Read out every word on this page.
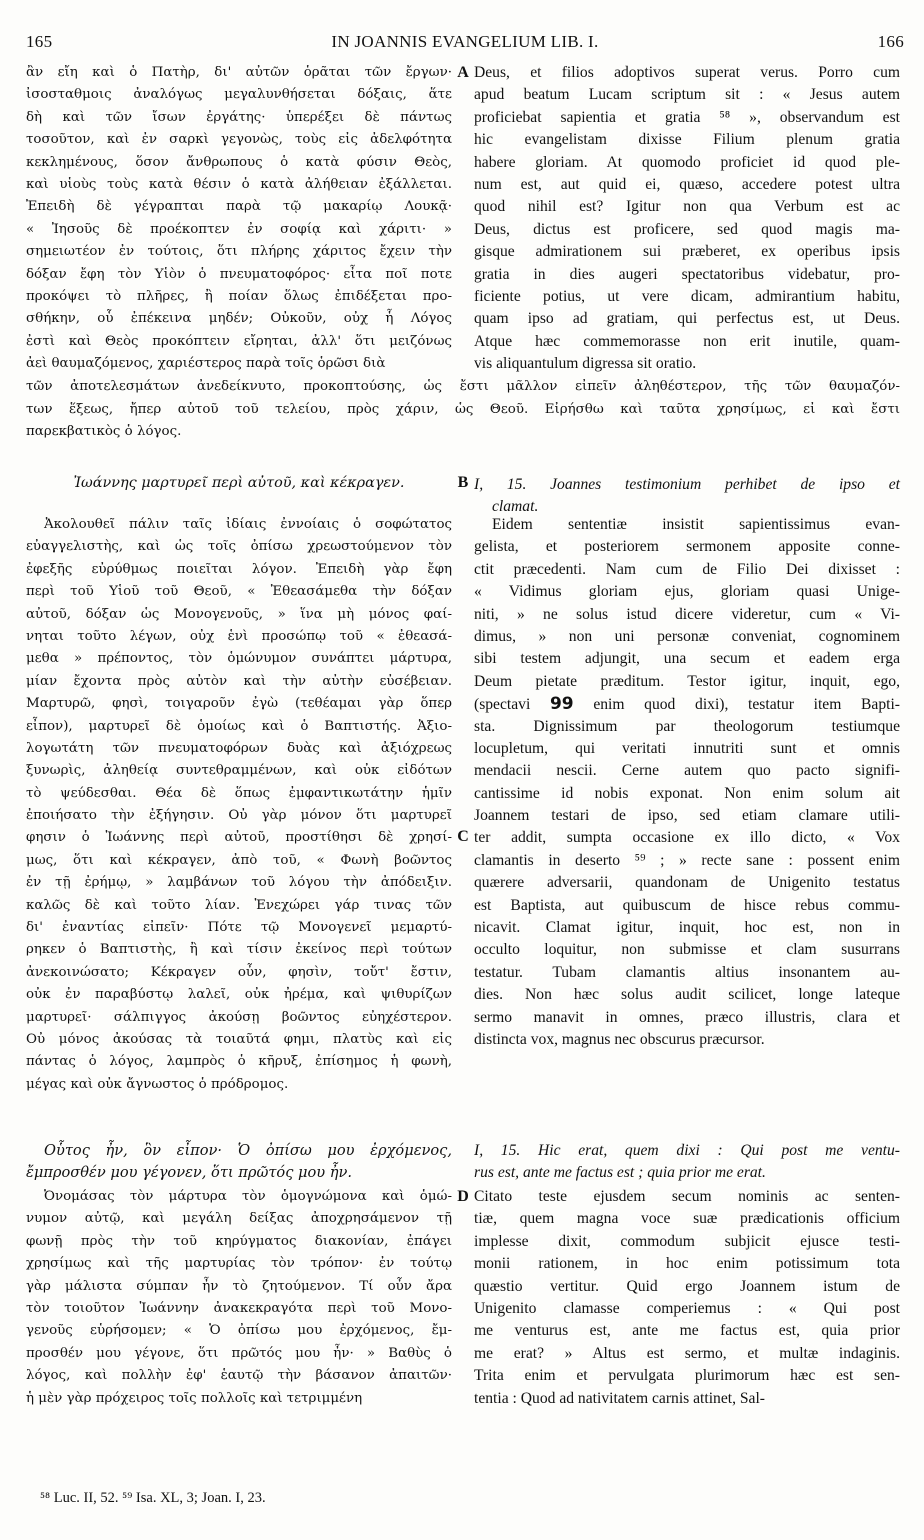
165	IN JOANNIS EVANGELIUM LIB. I.	166
ἂν εἴη καὶ ὁ Πατὴρ, δι' αὐτῶν ὁρᾶται τῶν ἔργων·
ἰσοσταθμοις ἀναλόγως μεγαλυνθήσεται δόξαις, ἅτε
δὴ καὶ τῶν ἴσων ἐργάτης· ὑπερέξει δὲ πάντως
τοσοῦτον, καὶ ἐν σαρκὶ γεγονὼς, τοὺς εἰς ἀδελφότητα
κεκλημένους, ὅσον ἄνθρωπους ὁ κατὰ φύσιν Θεὸς,
καὶ υἱοὺς τοὺς κατὰ θέσιν ὁ κατὰ ἀλήθειαν ἐξάλλεται.
Ἐπειδὴ δὲ γέγραπται παρὰ τῷ μακαρίῳ Λουκᾷ·
« Ἰησοῦς δὲ προέκοπτεν ἐν σοφίᾳ καὶ χάριτι· »
σημειωτέον ἐν τούτοις, ὅτι πλήρης χάριτος ἔχειν τὴν
δόξαν ἔφη τὸν Υἱὸν ὁ πνευματοφόρος· εἶτα ποῖ ποτε
προκόψει τὸ πλῆρες, ἢ ποίαν ὅλως ἐπιδέξεται προ-
σθήκην, οὗ ἐπέκεινα μηδέν; Οὐκοῦν, οὐχ ἧ Λόγος
ἐστὶ καὶ Θεὸς προκόπτειν εἴρηται, ἀλλ' ὅτι μειζόνως
ἀεὶ θαυμαζόμενος, χαριέστερος παρὰ τοῖς ὁρῶσι διὰ
A Deus, et filios adoptivos superat verus. Porro cum
apud beatum Lucam scriptum sit : « Jesus autem
proficiebat sapientia et gratia ⁵⁸ », observandum est
hic evangelistam dixisse Filium plenum gratia
habere gloriam. At quomodo proficiet id quod ple-
num est, aut quid ei, quæso, accedere potest ultra
quod nihil est? Igitur non qua Verbum est ac
Deus, dictus est proficere, sed quod magis ma-
gisque admirationem sui præberet, ex operibus ipsis
gratia in dies augeri spectatoribus videbatur, pro-
ficiente potius, ut vere dicam, admirantium habitu,
quam ipso ad gratiam, qui perfectus est, ut Deus.
Atque hæc commemorasse non erit inutile, quam-
vis aliquantulum digressa sit oratio.
τῶν ἀποτελεσμάτων ἀνεδείκνυτο, προκοπτούσης, ὡς ἔστι μᾶλλον εἰπεῖν ἀληθέστερον, τῆς τῶν θαυμαζόν-
των ἕξεως, ἤπερ αὐτοῦ τοῦ τελείου, πρὸς χάριν, ὡς Θεοῦ. Εἰρήσθω καὶ ταῦτα χρησίμως, εἰ καὶ ἔστι
παρεκβατικὸς ὁ λόγος.
Ἰωάννης μαρτυρεῖ περὶ αὐτοῦ, καὶ κέκραγεν.	B I, 15. Joannes testimonium perhibet de ipso et
clamat.
Ἀκολουθεῖ πάλιν ταῖς ἰδίαις ἐννοίαις ὁ σοφώτατος
εὐαγγελιστὴς, καὶ ὡς τοῖς ὀπίσω χρεωστούμενον τὸν
ἐφεξῆς εὐρύθμως ποιεῖται λόγον. Ἐπειδὴ γὰρ ἔφη
περὶ τοῦ Υἱοῦ τοῦ Θεοῦ, « Ἐθεασάμεθα τὴν δόξαν
αὐτοῦ, δόξαν ὡς Μονογενοῦς, » ἵνα μὴ μόνος φαί-
νηται τοῦτο λέγων, οὐχ ἑνὶ προσώπῳ τοῦ « ἐθεασά-
μεθα » πρέποντος, τὸν ὁμώνυμον συνάπτει μάρτυρα,
μίαν ἔχοντα πρὸς αὐτὸν καὶ τὴν αὐτὴν εὐσέβειαν.
Μαρτυρῶ, φησὶ, τοιγαροῦν ἐγὼ (τεθέαμαι γὰρ ὅπερ
εἶπον), μαρτυρεῖ δὲ ὁμοίως καὶ ὁ Βαπτιστής. Ἀξιο-
λογωτάτη τῶν πνευματοφόρων δυὰς καὶ ἀξιόχρεως
ξυνωρὶς, ἀληθείᾳ συντεθραμμένων, καὶ οὐκ εἰδότων
τὸ ψεύδεσθαι. Θέα δὲ ὅπως ἐμφαντικωτάτην ἡμῖν
ἐποιήσατο τὴν ἐξήγησιν. Οὐ γὰρ μόνον ὅτι μαρτυρεῖ
φησιν ὁ Ἰωάννης περὶ αὐτοῦ, προστίθησι δὲ χρησί-
μως, ὅτι καὶ κέκραγεν, ἀπὸ τοῦ, « Φωνὴ βοῶντος
ἐν τῇ ἐρήμῳ, » λαμβάνων τοῦ λόγου τὴν ἀπόδειξιν.
καλῶς δὲ καὶ τοῦτο λίαν. Ἐνεχώρει γάρ τινας τῶν
δι' ἐναντίας εἰπεῖν· Πότε τῷ Μονογενεῖ μεμαρτύ-
ρηκεν ὁ Βαπτιστὴς, ἢ καὶ τίσιν ἐκείνος περὶ τούτων
ἀνεκοινώσατο; Κέκραγεν οὖν, φησὶν, τοὔτ' ἔστιν,
οὐκ ἐν παραβύστῳ λαλεῖ, οὐκ ἠρέμα, καὶ ψιθυρίζων
μαρτυρεῖ· σάλπιγγος ἀκούσῃ βοῶντος εὐηχέστερον.
Οὐ μόνος ἀκούσας τὰ τοιαῦτά φημι, πλατὺς καὶ εἰς
πάντας ὁ λόγος, λαμπρὸς ὁ κῆρυξ, ἐπίσημος ἡ φωνὴ,
μέγας καὶ οὐκ ἄγνωστος ὁ πρόδρομος.
C
Eidem sententiæ insistit sapientissimus evan-
gelista, et posteriorem sermonem apposite conne-
ctit præcedenti. Nam cum de Filio Dei dixisset :
« Vidimus gloriam ejus, gloriam quasi Unige-
niti, » ne solus istud dicere videretur, cum « Vi-
dimus, » non uni personæ conveniat, cognominem
sibi testem adjungit, una secum et eadem erga
Deum pietate præditum. Testor igitur, inquit, ego,
(spectavi 99 enim quod dixi), testatur item Bapti-
sta. Dignissimum par theologorum testiumque
locupletum, qui veritati innutriti sunt et omnis
mendacii nescii. Cerne autem quo pacto signifi-
cantissime id nobis exponat. Non enim solum ait
Joannem testari de ipso, sed etiam clamare utili-
ter addit, sumpta occasione ex illo dicto, « Vox
clamantis in deserto ⁵⁹ ; » recte sane : possent enim
quærere adversarii, quandonam de Unigenito testatus
est Baptista, aut quibuscum de hisce rebus commu-
nicavit. Clamat igitur, inquit, hoc est, non in
occulto loquitur, non submisse et clam susurrans
testatur. Tubam clamantis altius insonantem au-
dies. Non hæc solus audit scilicet, longe lateque
sermo manavit in omnes, præco illustris, clara et
distincta vox, magnus nec obscurus præcursor.
Οὗτος ἦν, ὃν εἶπον· Ὁ ὀπίσω μου ἐρχόμενος,
ἔμπροσθέν μου γέγονεν, ὅτι πρῶτός μου ἦν.
I, 15. Hic erat, quem dixi : Qui post me ventu-
rus est, ante me factus est ; quia prior me erat.
Ὀνομάσας τὸν μάρτυρα τὸν ὁμογνώμονα καὶ ὁμώ-
νυμον αὐτῷ, καὶ μεγάλη δείξας ἀποχρησάμενον τῇ
φωνῇ πρὸς τὴν τοῦ κηρύγματος διακονίαν, ἐπάγει
χρησίμως καὶ τῆς μαρτυρίας τὸν τρόπον· ἐν τούτῳ
γὰρ μάλιστα σύμπαν ἦν τὸ ζητούμενον. Τί οὖν ἄρα
τὸν τοιοῦτον Ἰωάννην ἀνακεκραγότα περὶ τοῦ Μονο-
γενοῦς εὑρήσομεν; « Ὁ ὀπίσω μου ἐρχόμενος, ἔμ-
προσθέν μου γέγονε, ὅτι πρῶτός μου ἦν· » Βαθὺς ὁ
λόγος, καὶ πολλὴν ἐφ' ἑαυτῷ τὴν βάσανον ἀπαιτῶν·
ἡ μὲν γὰρ πρόχειρος τοῖς πολλοῖς καὶ τετριμμένη
D Citato teste ejusdem secum nominis ac senten-
tiæ, quem magna voce suæ prædicationis officium
implesse dixit, commodum subjicit ejusce testi-
monii rationem, in hoc enim potissimum tota
quæstio vertitur. Quid ergo Joannem istum de
Unigenito clamasse comperiemus : « Qui post
me venturus est, ante me factus est, quia prior
me erat? » Altus est sermo, et multæ indaginis.
Trita enim et pervulgata plurimorum hæc est sen-
tentia : Quod ad nativitatem carnis attinet, Sal-
⁵⁸ Luc. II, 52. ⁵⁹ Isa. XL, 3; Joan. I, 23.
